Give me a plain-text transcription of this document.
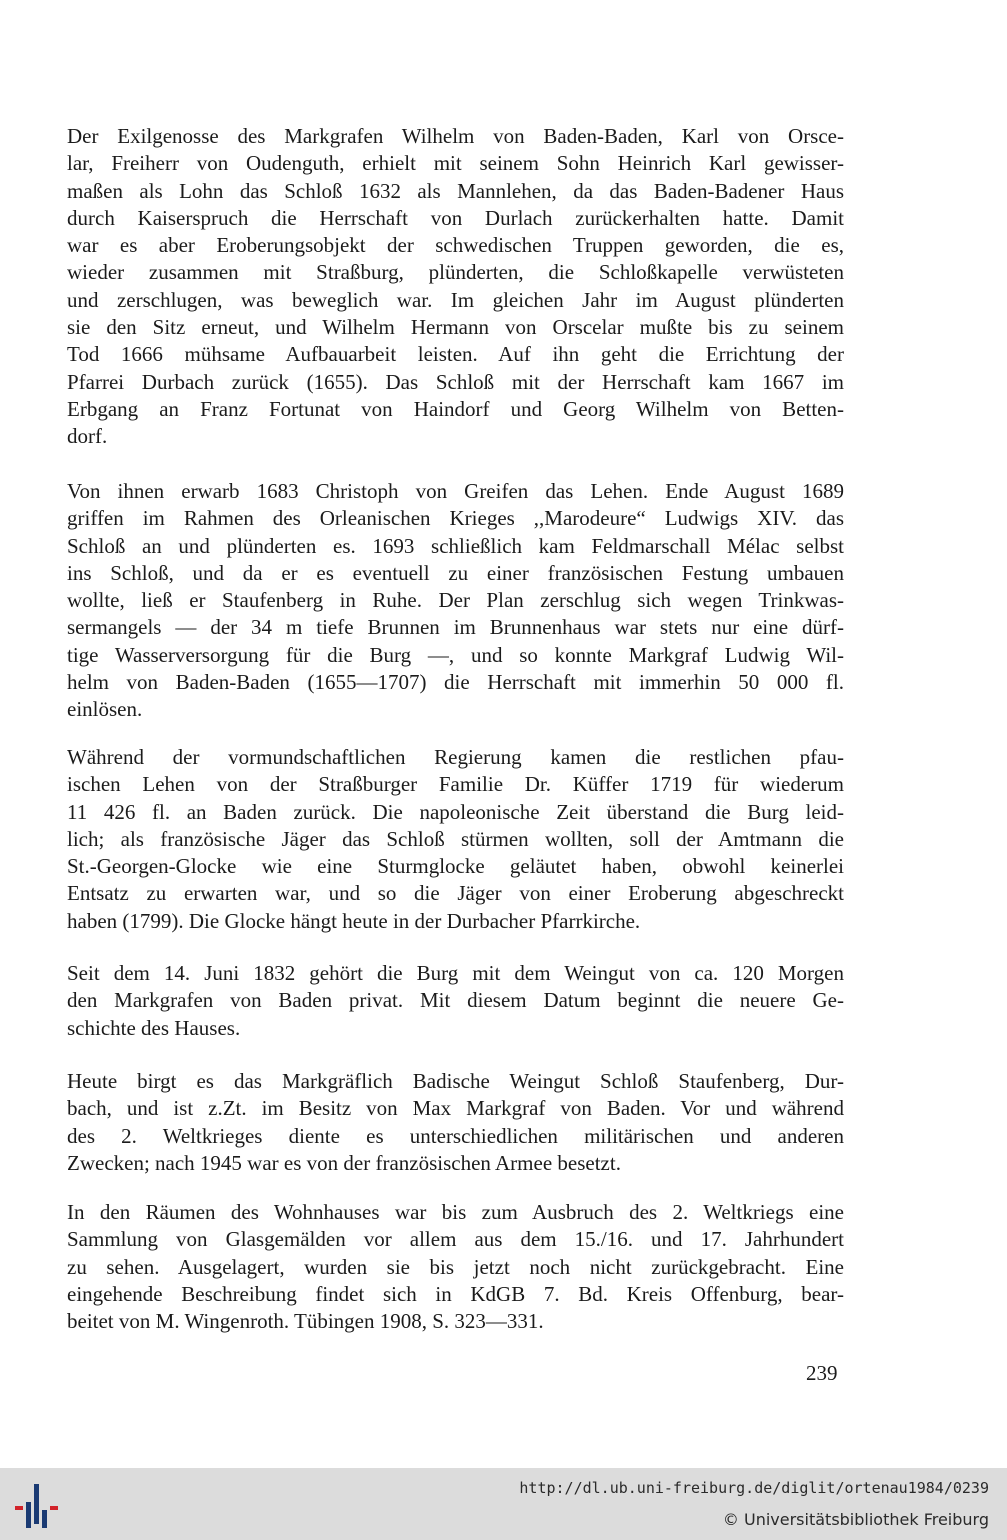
Der Exilgenosse des Markgrafen Wilhelm von Baden-Baden, Karl von Orsce-
lar, Freiherr von Oudenguth, erhielt mit seinem Sohn Heinrich Karl gewisser-
maßen als Lohn das Schloß 1632 als Mannlehen, da das Baden-Badener Haus
durch Kaiserspruch die Herrschaft von Durlach zurückerhalten hatte. Damit
war es aber Eroberungsobjekt der schwedischen Truppen geworden, die es,
wieder zusammen mit Straßburg, plünderten, die Schloßkapelle verwüsteten
und zerschlugen, was beweglich war. Im gleichen Jahr im August plünderten
sie den Sitz erneut, und Wilhelm Hermann von Orscelar mußte bis zu seinem
Tod 1666 mühsame Aufbauarbeit leisten. Auf ihn geht die Errichtung der
Pfarrei Durbach zurück (1655). Das Schloß mit der Herrschaft kam 1667 im
Erbgang an Franz Fortunat von Haindorf und Georg Wilhelm von Betten-
dorf.

Von ihnen erwarb 1683 Christoph von Greifen das Lehen. Ende August 1689
griffen im Rahmen des Orleanischen Krieges ,,Marodeure“ Ludwigs XIV. das
Schloß an und plünderten es. 1693 schließlich kam Feldmarschall Mélac selbst
ins Schloß, und da er es eventuell zu einer französischen Festung umbauen
wollte, ließ er Staufenberg in Ruhe. Der Plan zerschlug sich wegen Trinkwas-
sermangels — der 34 m tiefe Brunnen im Brunnenhaus war stets nur eine dürf-
tige Wasserversorgung für die Burg —, und so konnte Markgraf Ludwig Wil-
helm von Baden-Baden (1655—1707) die Herrschaft mit immerhin 50 000 fl.
einlösen.

Während der vormundschaftlichen Regierung kamen die restlichen pfau-
ischen Lehen von der Straßburger Familie Dr. Küffer 1719 für wiederum
11 426 fl. an Baden zurück. Die napoleonische Zeit überstand die Burg leid-
lich; als französische Jäger das Schloß stürmen wollten, soll der Amtmann die
St.-Georgen-Glocke wie eine Sturmglocke geläutet haben, obwohl keinerlei
Entsatz zu erwarten war, und so die Jäger von einer Eroberung abgeschreckt
haben (1799). Die Glocke hängt heute in der Durbacher Pfarrkirche.

Seit dem 14. Juni 1832 gehört die Burg mit dem Weingut von ca. 120 Morgen
den Markgrafen von Baden privat. Mit diesem Datum beginnt die neuere Ge-
schichte des Hauses.

Heute birgt es das Markgräflich Badische Weingut Schloß Staufenberg, Dur-
bach, und ist z.Zt. im Besitz von Max Markgraf von Baden. Vor und während
des 2. Weltkrieges diente es unterschiedlichen militärischen und anderen
Zwecken; nach 1945 war es von der französischen Armee besetzt.

In den Räumen des Wohnhauses war bis zum Ausbruch des 2. Weltkriegs eine
Sammlung von Glasgemälden vor allem aus dem 15./16. und 17. Jahrhundert
zu sehen. Ausgelagert, wurden sie bis jetzt noch nicht zurückgebracht. Eine
eingehende Beschreibung findet sich in KdGB 7. Bd. Kreis Offenburg, bear-
beitet von M. Wingenroth. Tübingen 1908, S. 323—331.

239
http://dl.ub.uni-freiburg.de/diglit/ortenau1984/0239
© Universitätsbibliothek Freiburg
